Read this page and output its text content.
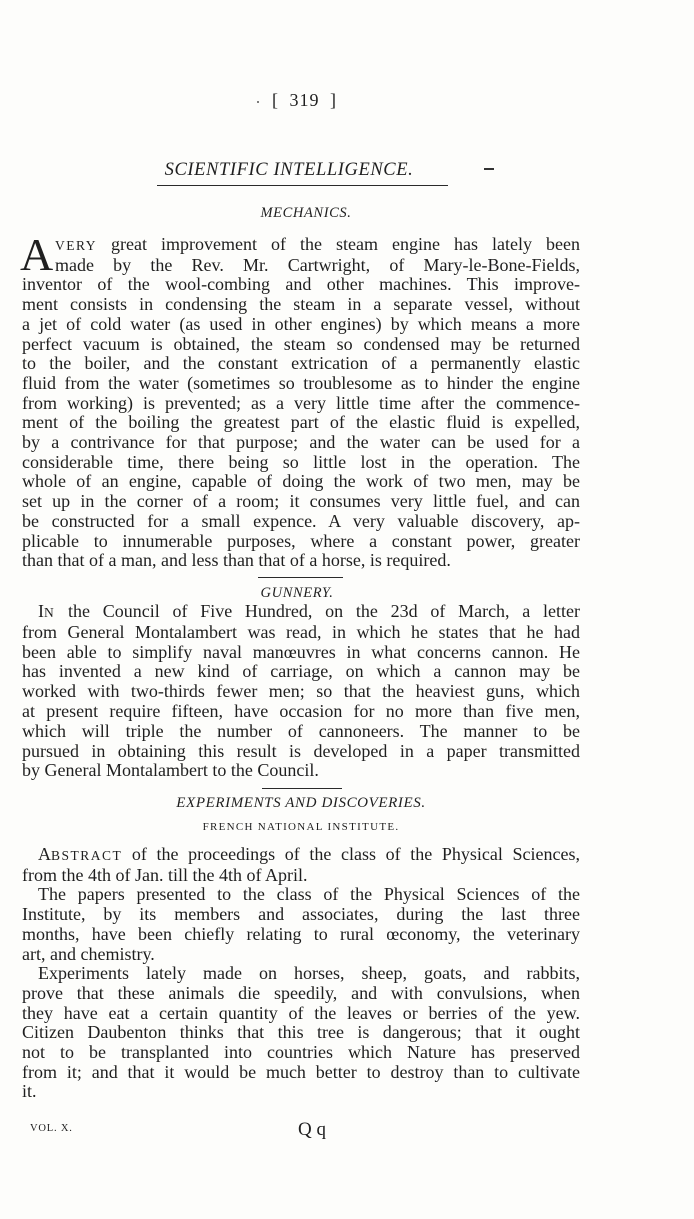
[ 319 ]
SCIENTIFIC INTELLIGENCE.
MECHANICS.
A VERY great improvement of the steam engine has lately been
made by the Rev. Mr. Cartwright, of Mary-le-Bone-Fields,
inventor of the wool-combing and other machines. This improve-
ment consists in condensing the steam in a separate vessel, without
a jet of cold water (as used in other engines) by which means a more
perfect vacuum is obtained, the steam so condensed may be returned
to the boiler, and the constant extrication of a permanently elastic
fluid from the water (sometimes so troublesome as to hinder the engine
from working) is prevented; as a very little time after the commence-
ment of the boiling the greatest part of the elastic fluid is expelled,
by a contrivance for that purpose; and the water can be used for a
considerable time, there being so little lost in the operation. The
whole of an engine, capable of doing the work of two men, may be
set up in the corner of a room; it consumes very little fuel, and can
be constructed for a small expence. A very valuable discovery, ap-
plicable to innumerable purposes, where a constant power, greater
than that of a man, and less than that of a horse, is required.
GUNNERY.
IN the Council of Five Hundred, on the 23d of March, a letter
from General Montalambert was read, in which he states that he had
been able to simplify naval manœuvres in what concerns cannon. He
has invented a new kind of carriage, on which a cannon may be
worked with two-thirds fewer men; so that the heaviest guns, which
at present require fifteen, have occasion for no more than five men,
which will triple the number of cannoneers. The manner to be
pursued in obtaining this result is developed in a paper transmitted
by General Montalambert to the Council.
EXPERIMENTS AND DISCOVERIES.
FRENCH NATIONAL INSTITUTE.
ABSTRACT of the proceedings of the class of the Physical Sciences,
from the 4th of Jan. till the 4th of April.
The papers presented to the class of the Physical Sciences of the
Institute, by its members and associates, during the last three
months, have been chiefly relating to rural œconomy, the veterinary
art, and chemistry.
Experiments lately made on horses, sheep, goats, and rabbits,
prove that these animals die speedily, and with convulsions, when
they have eat a certain quantity of the leaves or berries of the yew.
Citizen Daubenton thinks that this tree is dangerous; that it ought
not to be transplanted into countries which Nature has preserved
from it; and that it would be much better to destroy than to cultivate
it.
VOL. X.	Q q
